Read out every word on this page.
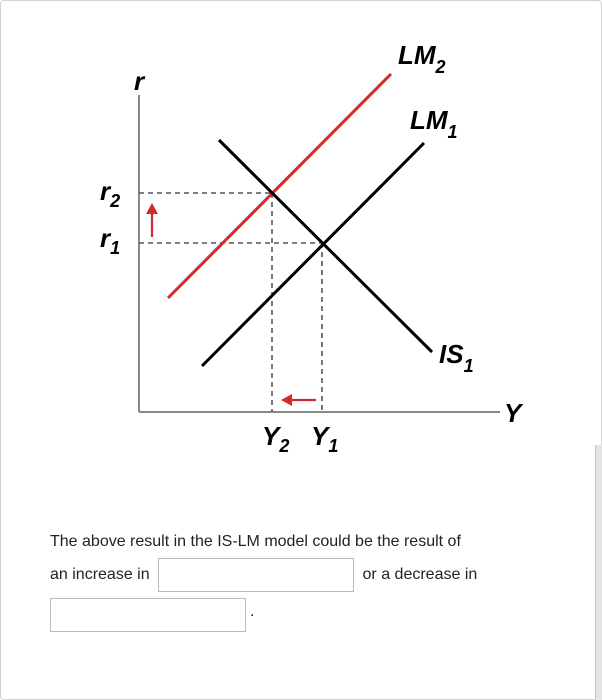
r
Y
$LM_2$
$LM_1$
$IS_1$
$r_2$
$r_1$
$Y_2$ $Y_1$
The above result in the IS-LM model could be the result of
an increase in	or a decrease in
.
